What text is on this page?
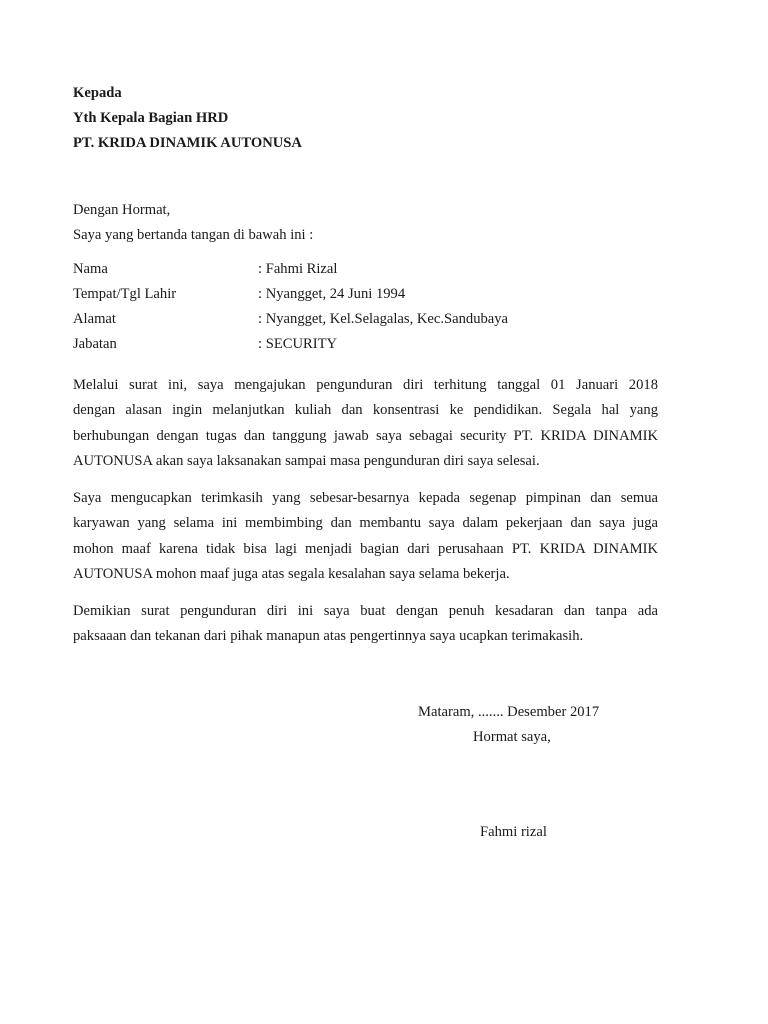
Kepada
Yth Kepala Bagian HRD
PT. KRIDA DINAMIK AUTONUSA
Dengan Hormat,
Saya yang bertanda tangan di bawah ini :
Nama	: Fahmi Rizal
Tempat/Tgl Lahir	: Nyangget, 24 Juni 1994
Alamat	: Nyangget, Kel.Selagalas, Kec.Sandubaya
Jabatan	: SECURITY
Melalui surat ini, saya mengajukan pengunduran diri terhitung tanggal 01 Januari 2018
dengan alasan ingin melanjutkan kuliah dan konsentrasi ke pendidikan. Segala hal yang
berhubungan dengan tugas dan tanggung jawab saya sebagai security PT. KRIDA DINAMIK
AUTONUSA akan saya laksanakan sampai masa pengunduran diri saya selesai.
Saya mengucapkan terimkasih yang sebesar-besarnya kepada segenap pimpinan dan semua
karyawan yang selama ini membimbing dan membantu saya dalam pekerjaan dan saya juga
mohon maaf karena tidak bisa lagi menjadi bagian dari perusahaan PT. KRIDA DINAMIK
AUTONUSA mohon maaf juga atas segala kesalahan saya selama bekerja.
Demikian surat pengunduran diri ini saya buat dengan penuh kesadaran dan tanpa ada
paksaaan dan tekanan dari pihak manapun atas pengertinnya saya ucapkan terimakasih.
Mataram, ....... Desember 2017
Hormat saya,
Fahmi rizal
